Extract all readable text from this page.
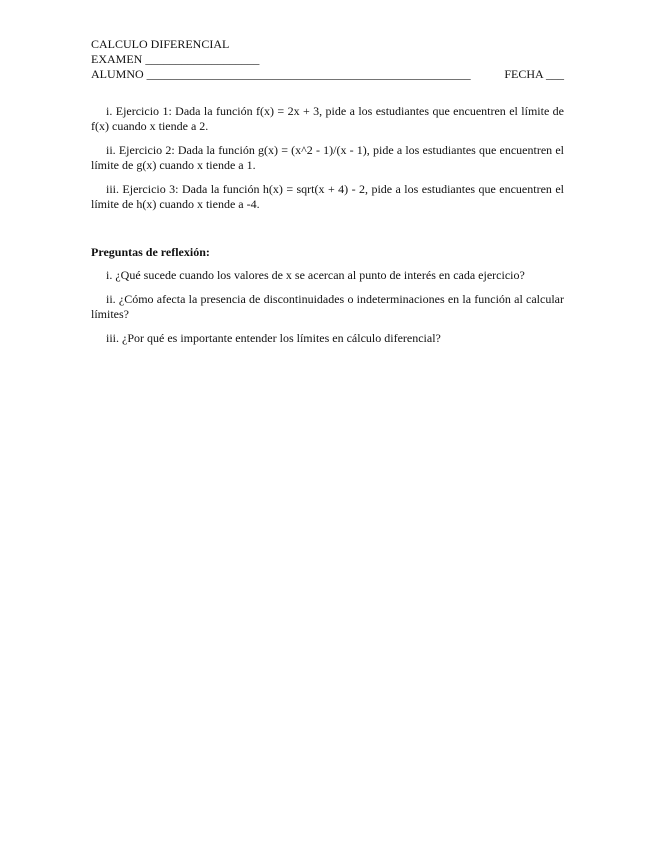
CALCULO DIFERENCIAL
EXAMEN ___________________
ALUMNO ______________________________________________________	FECHA ___

i. Ejercicio 1: Dada la función f(x) = 2x + 3, pide a los estudiantes que encuentren el límite de f(x) cuando x tiende a 2.

ii. Ejercicio 2: Dada la función g(x) = (x^2 - 1)/(x - 1), pide a los estudiantes que encuentren el límite de g(x) cuando x tiende a 1.

iii. Ejercicio 3: Dada la función h(x) = sqrt(x + 4) - 2, pide a los estudiantes que encuentren el límite de h(x) cuando x tiende a -4.

Preguntas de reflexión:

i. ¿Qué sucede cuando los valores de x se acercan al punto de interés en cada ejercicio?

ii. ¿Cómo afecta la presencia de discontinuidades o indeterminaciones en la función al calcular límites?

iii. ¿Por qué es importante entender los límites en cálculo diferencial?
